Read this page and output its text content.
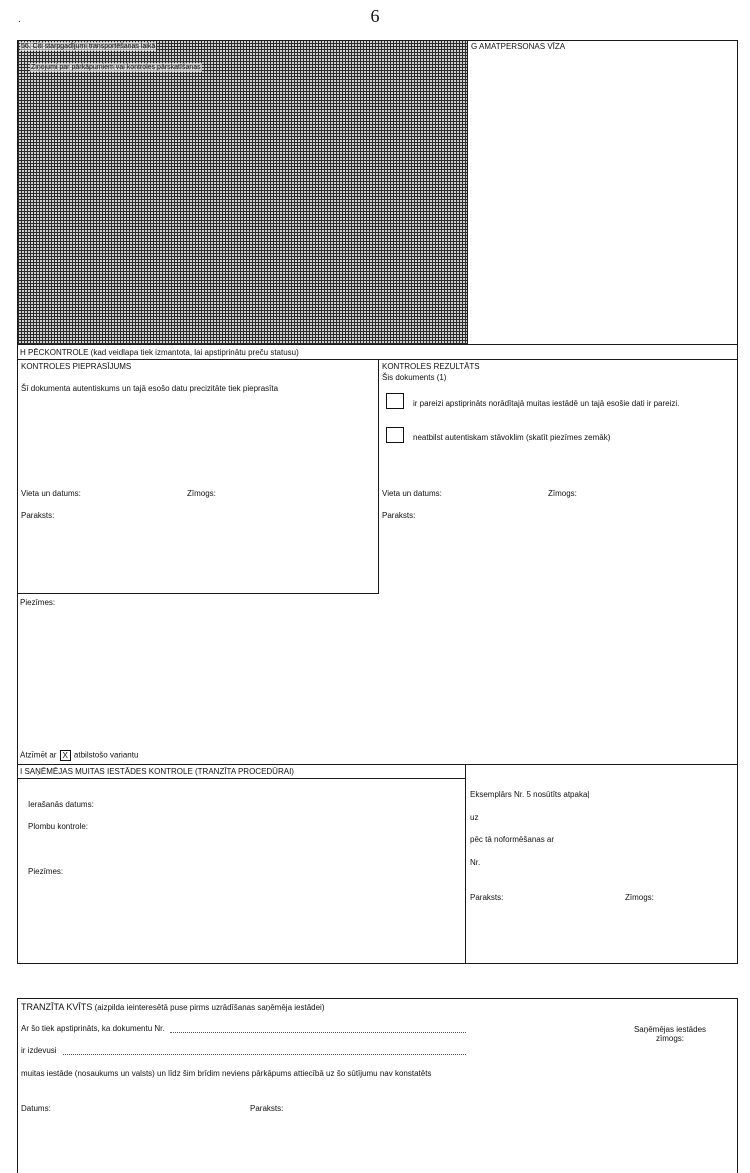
.	6
56. Citi starpgadījumi transportēšanas laikā
Ziņojumi par pārkāpumiem vai kontroles pārskatīšanas
G AMATPERSONAS VĪZA
H PĒCKONTROLE (kad veidlapa tiek izmantota, lai apstiprinātu preču statusu)
KONTROLES PIEPRASĪJUMS
Šī dokumenta autentiskums un tajā esošo datu precizitāte tiek pieprasīta
Vieta un datums:	Zīmogs:
Paraksts:
KONTROLES REZULTĀTS
Šis dokuments (1)
ir pareizi apstiprināts norādītajā muitas iestādē un tajā esošie dati ir pareizi.
neatbilst autentiskam stāvoklim (skatīt piezīmes zemāk)
Vieta un datums:	Zīmogs:
Paraksts:
Piezīmes:
Atzīmēt ar X atbilstošo variantu
I SAŅĒMĒJAS MUITAS IESTĀDES KONTROLE (TRANZĪTA PROCEDŪRAI)
Ierašanās datums:
Plombu kontrole:
Piezīmes:
Eksemplārs Nr. 5 nosūtīts atpakaļ
uz
pēc tā noformēšanas ar
Nr.
Paraksts:	Zīmogs:
TRANZĪTA KVĪTS (aizpilda ieinteresētā puse pirms uzrādīšanas saņēmēja iestādei)
Ar šo tiek apstiprināts, ka dokumentu Nr.
ir izdevusi
muitas iestāde (nosaukums un valsts) un līdz šim brīdim neviens pārkāpums attiecībā uz šo sūtījumu nav konstatēts
Datums:	Paraksts:
Saņēmējas iestādes zīmogs:
